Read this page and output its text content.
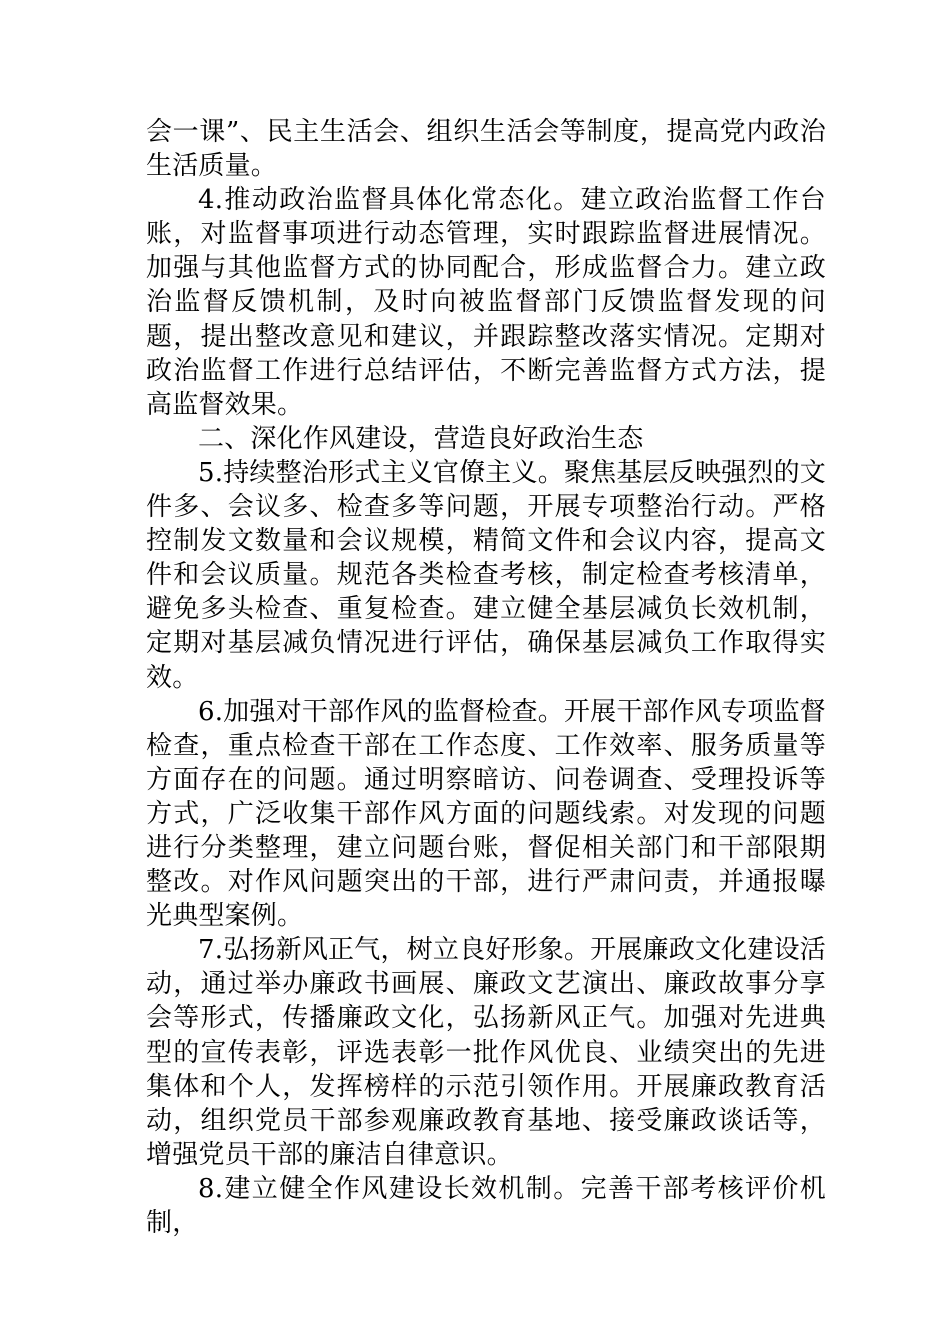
会一课”、民主生活会、组织生活会等制度，提高党内政治生活质量。

4.推动政治监督具体化常态化。建立政治监督工作台账，对监督事项进行动态管理，实时跟踪监督进展情况。加强与其他监督方式的协同配合，形成监督合力。建立政治监督反馈机制，及时向被监督部门反馈监督发现的问题，提出整改意见和建议，并跟踪整改落实情况。定期对政治监督工作进行总结评估，不断完善监督方式方法，提高监督效果。

二、深化作风建设，营造良好政治生态

5.持续整治形式主义官僚主义。聚焦基层反映强烈的文件多、会议多、检查多等问题，开展专项整治行动。严格控制发文数量和会议规模，精简文件和会议内容，提高文件和会议质量。规范各类检查考核，制定检查考核清单，避免多头检查、重复检查。建立健全基层减负长效机制，定期对基层减负情况进行评估，确保基层减负工作取得实效。

6.加强对干部作风的监督检查。开展干部作风专项监督检查，重点检查干部在工作态度、工作效率、服务质量等方面存在的问题。通过明察暗访、问卷调查、受理投诉等方式，广泛收集干部作风方面的问题线索。对发现的问题进行分类整理，建立问题台账，督促相关部门和干部限期整改。对作风问题突出的干部，进行严肃问责，并通报曝光典型案例。

7.弘扬新风正气，树立良好形象。开展廉政文化建设活动，通过举办廉政书画展、廉政文艺演出、廉政故事分享会等形式，传播廉政文化，弘扬新风正气。加强对先进典型的宣传表彰，评选表彰一批作风优良、业绩突出的先进集体和个人，发挥榜样的示范引领作用。开展廉政教育活动，组织党员干部参观廉政教育基地、接受廉政谈话等，增强党员干部的廉洁自律意识。

8.建立健全作风建设长效机制。完善干部考核评价机制，
